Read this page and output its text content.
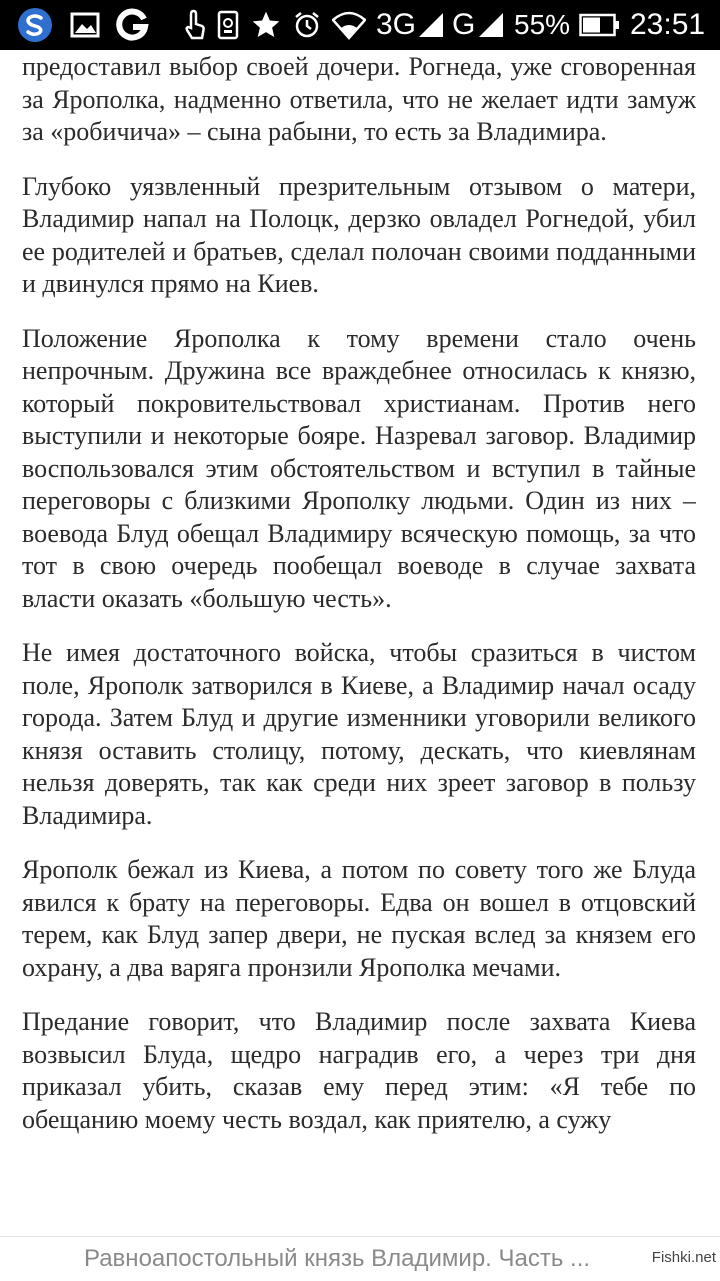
3G G 55% 23:51

предоставил выбор своей дочери. Рогнеда, уже сговоренная за Ярополка, надменно ответила, что не желает идти замуж за «робичича» – сына рабыни, то есть за Владимира.

Глубоко уязвленный презрительным отзывом о матери, Владимир напал на Полоцк, дерзко овладел Рогнедой, убил ее родителей и братьев, сделал полочан своими подданными и двинулся прямо на Киев.

Положение Ярополка к тому времени стало очень непрочным. Дружина все враждебнее относилась к князю, который покровительствовал христианам. Против него выступили и некоторые бояре. Назревал заговор. Владимир воспользовался этим обстоятельством и вступил в тайные переговоры с близкими Ярополку людьми. Один из них – воевода Блуд обещал Владимиру всяческую помощь, за что тот в свою очередь пообещал воеводе в случае захвата власти оказать «большую честь».

Не имея достаточного войска, чтобы сразиться в чистом поле, Ярополк затворился в Киеве, а Владимир начал осаду города. Затем Блуд и другие изменники уговорили великого князя оставить столицу, потому, дескать, что киевлянам нельзя доверять, так как среди них зреет заговор в пользу Владимира.

Ярополк бежал из Киева, а потом по совету того же Блуда явился к брату на переговоры. Едва он вошел в отцовский терем, как Блуд запер двери, не пуская вслед за князем его охрану, а два варяга пронзили Ярополка мечами.

Предание говорит, что Владимир после захвата Киева возвысил Блуда, щедро наградив его, а через три дня приказал убить, сказав ему перед этим: «Я тебе по обещанию моему честь воздал, как приятелю, а сужу

Равноапостольный князь Владимир. Часть ...	Fishki.net
